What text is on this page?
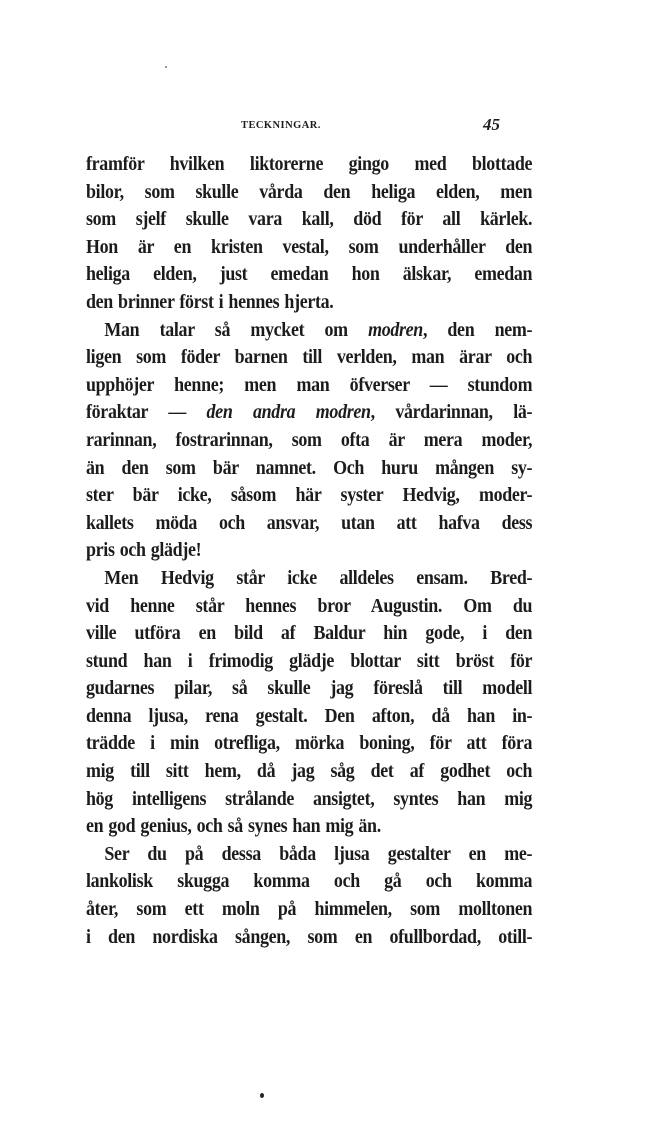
TECKNINGAR.	45
framför hvilken liktorerne gingo med blottade
bilor, som skulle vårda den heliga elden, men
som sjelf skulle vara kall, död för all kärlek.
Hon är en kristen vestal, som underhåller den
heliga elden, just emedan hon älskar, emedan
den brinner först i hennes hjerta.
Man talar så mycket om modren, den nem-
ligen som föder barnen till verlden, man ärar och
upphöjer henne; men man öfverser — stundom
föraktar — den andra modren, vårdarinnan, lä-
rarinnan, fostrarinnan, som ofta är mera moder,
än den som bär namnet. Och huru mången sy-
ster bär icke, såsom här syster Hedvig, moder-
kallets möda och ansvar, utan att hafva dess
pris och glädje!
Men Hedvig står icke alldeles ensam. Bred-
vid henne står hennes bror Augustin. Om du
ville utföra en bild af Baldur hin gode, i den
stund han i frimodig glädje blottar sitt bröst för
gudarnes pilar, så skulle jag föreslå till modell
denna ljusa, rena gestalt. Den afton, då han in-
trädde i min otrefliga, mörka boning, för att föra
mig till sitt hem, då jag såg det af godhet och
hög intelligens strålande ansigtet, syntes han mig
en god genius, och så synes han mig än.
Ser du på dessa båda ljusa gestalter en me-
lankolisk skugga komma och gå och komma
åter, som ett moln på himmelen, som molltonen
i den nordiska sången, som en ofullbordad, otill-
